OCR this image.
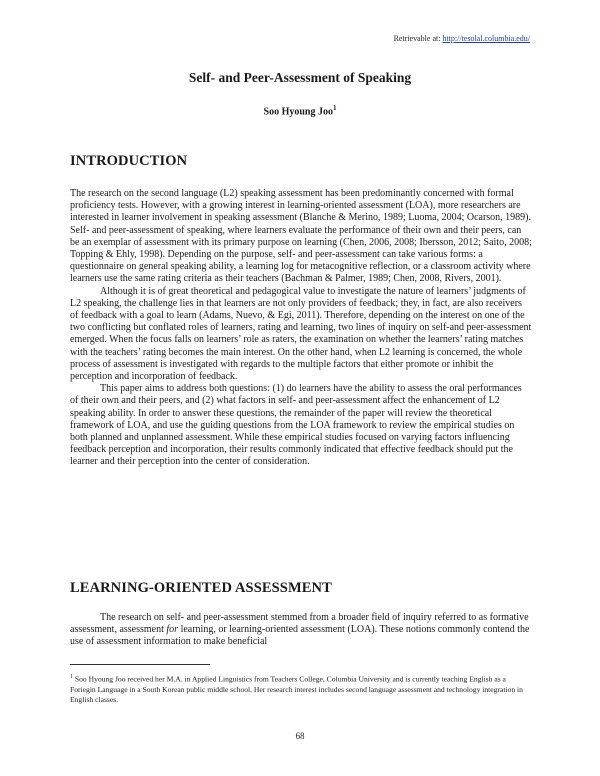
Retrievable at: http://tesolal.columbia.edu/
Self- and Peer-Assessment of Speaking
Soo Hyoung Joo$^1$
INTRODUCTION

The research on the second language (L2) speaking assessment has been predominantly concerned with formal proficiency tests. However, with a growing interest in learning-oriented assessment (LOA), more researchers are interested in learner involvement in speaking assessment (Blanche & Merino, 1989; Luoma, 2004; Ocarson, 1989). Self- and peer-assessment of speaking, where learners evaluate the performance of their own and their peers, can be an exemplar of assessment with its primary purpose on learning (Chen, 2006, 2008; Ibersson, 2012; Saito, 2008; Topping & Ehly, 1998). Depending on the purpose, self- and peer-assessment can take various forms: a questionnaire on general speaking ability, a learning log for metacognitive reflection, or a classroom activity where learners use the same rating criteria as their teachers (Bachman & Palmer, 1989; Chen, 2008, Rivers, 2001).

Although it is of great theoretical and pedagogical value to investigate the nature of learners’ judgments of L2 speaking, the challenge lies in that learners are not only providers of feedback; they, in fact, are also receivers of feedback with a goal to learn (Adams, Nuevo, & Egi, 2011). Therefore, depending on the interest on one of the two conflicting but conflated roles of learners, rating and learning, two lines of inquiry on self-and peer-assessment emerged. When the focus falls on learners’ role as raters, the examination on whether the learners’ rating matches with the teachers’ rating becomes the main interest. On the other hand, when L2 learning is concerned, the whole process of assessment is investigated with regards to the multiple factors that either promote or inhibit the perception and incorporation of feedback.

This paper aims to address both questions: (1) do learners have the ability to assess the oral performances of their own and their peers, and (2) what factors in self- and peer-assessment affect the enhancement of L2 speaking ability. In order to answer these questions, the remainder of the paper will review the theoretical framework of LOA, and use the guiding questions from the LOA framework to review the empirical studies on both planned and unplanned assessment. While these empirical studies focused on varying factors influencing feedback perception and incorporation, their results commonly indicated that effective feedback should put the learner and their perception into the center of consideration.

LEARNING-ORIENTED ASSESSMENT

The research on self- and peer-assessment stemmed from a broader field of inquiry referred to as formative assessment, assessment for learning, or learning-oriented assessment (LOA). These notions commonly contend the use of assessment information to make beneficial

$^1$ Soo Hyoung Joo received her M.A. in Applied Linguistics from Teachers College, Columbia University and is currently teaching English as a Foriegin Language in a South Korean public middle school. Her research interest includes second language assessment and technology integration in English classes.
68
